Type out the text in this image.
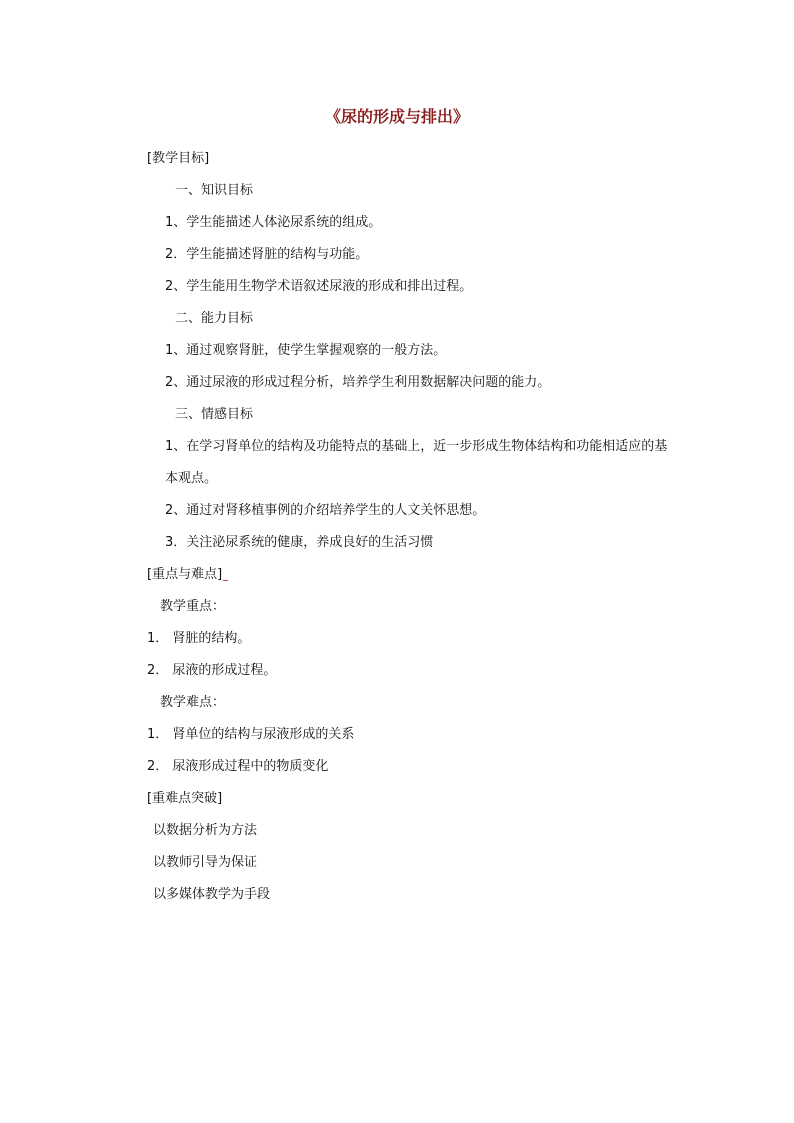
《尿的形成与排出》
[教学目标]
一、知识目标
1、学生能描述人体泌尿系统的组成。
2．学生能描述肾脏的结构与功能。
2、学生能用生物学术语叙述尿液的形成和排出过程。
二、能力目标
1、通过观察肾脏，使学生掌握观察的一般方法。
2、通过尿液的形成过程分析，培养学生利用数据解决问题的能力。
三、情感目标
1、在学习肾单位的结构及功能特点的基础上，近一步形成生物体结构和功能相适应的基
本观点。
2、通过对肾移植事例的介绍培养学生的人文关怀思想。
3．关注泌尿系统的健康，养成良好的生活习惯
[重点与难点]
教学重点：
1． 肾脏的结构。
2． 尿液的形成过程。
教学难点：
1． 肾单位的结构与尿液形成的关系
2． 尿液形成过程中的物质变化
[重难点突破]
以数据分析为方法
以教师引导为保证
以多媒体教学为手段
